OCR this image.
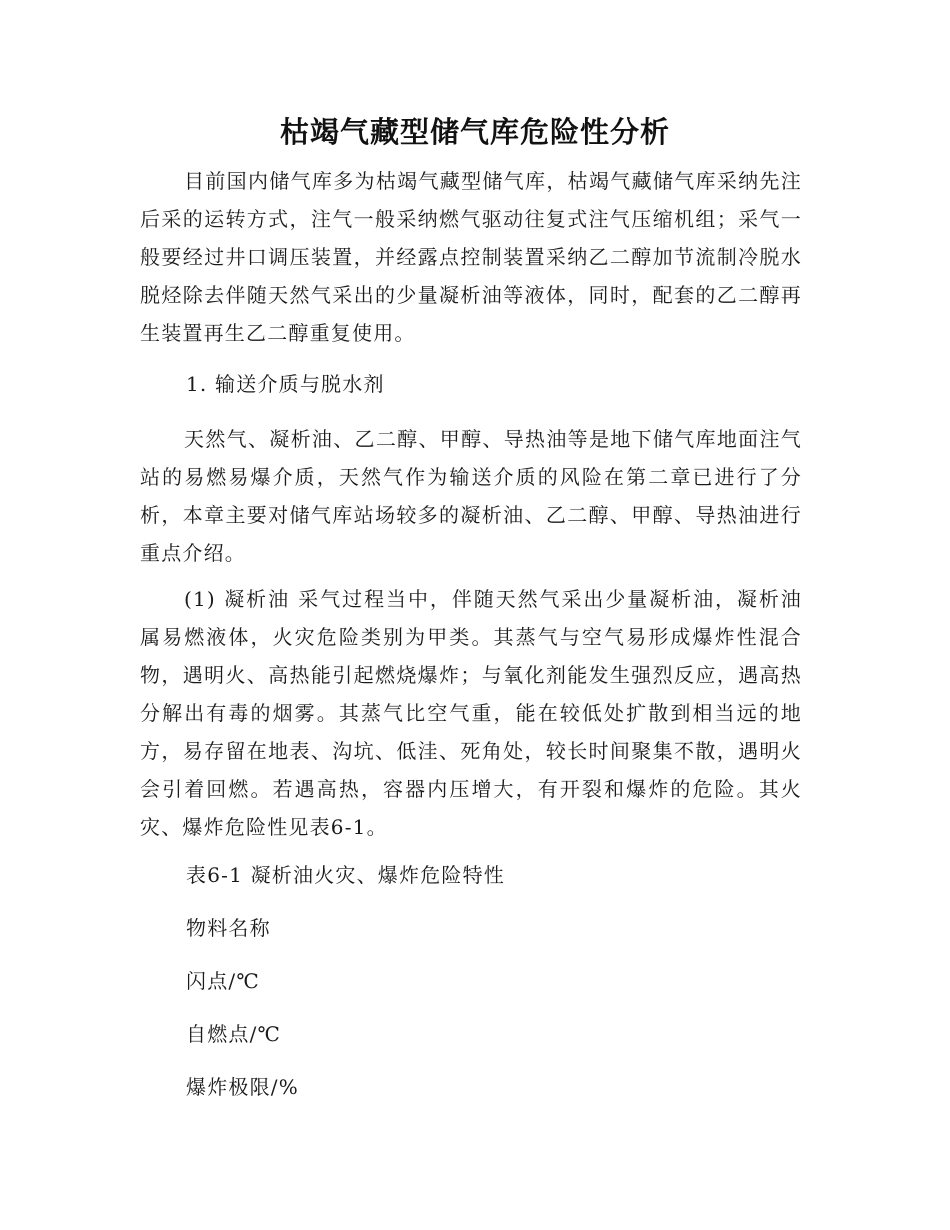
枯竭气藏型储气库危险性分析

目前国内储气库多为枯竭气藏型储气库，枯竭气藏储气库采纳先注后采的运转方式，注气一般采纳燃气驱动往复式注气压缩机组；采气一般要经过井口调压装置，并经露点控制装置采纳乙二醇加节流制冷脱水脱烃除去伴随天然气采出的少量凝析油等液体，同时，配套的乙二醇再生装置再生乙二醇重复使用。

1. 输送介质与脱水剂

天然气、凝析油、乙二醇、甲醇、导热油等是地下储气库地面注气站的易燃易爆介质，天然气作为输送介质的风险在第二章已进行了分析，本章主要对储气库站场较多的凝析油、乙二醇、甲醇、导热油进行重点介绍。

(1) 凝析油 采气过程当中，伴随天然气采出少量凝析油，凝析油属易燃液体，火灾危险类别为甲类。其蒸气与空气易形成爆炸性混合物，遇明火、高热能引起燃烧爆炸；与氧化剂能发生强烈反应，遇高热分解出有毒的烟雾。其蒸气比空气重，能在较低处扩散到相当远的地方，易存留在地表、沟坑、低洼、死角处，较长时间聚集不散，遇明火会引着回燃。若遇高热，容器内压增大，有开裂和爆炸的危险。其火灾、爆炸危险性见表6-1。

表6-1 凝析油火灾、爆炸危险特性

物料名称

闪点/℃

自燃点/℃

爆炸极限/%
